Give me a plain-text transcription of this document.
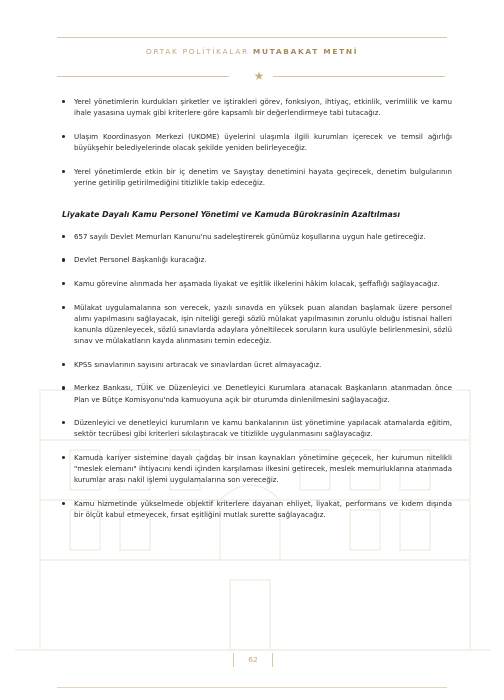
ORTAK POLİTİKALAR MUTABAKAT METNİ
Yerel yönetimlerin kurdukları şirketler ve iştirakleri görev, fonksiyon, ihtiyaç, etkinlik, verimlilik ve kamu ihale yasasına uymak gibi kriterlere göre kapsamlı bir değerlendirmeye tabi tutacağız.
Ulaşım Koordinasyon Merkezi (UKOME) üyelerini ulaşımla ilgili kurumları içerecek ve temsil ağırlığı büyükşehir belediyelerinde olacak şekilde yeniden belirleyeceğiz.
Yerel yönetimlerde etkin bir iç denetim ve Sayıştay denetimini hayata geçirecek, denetim bulgularının yerine getirilip getirilmediğini titizlikle takip edeceğiz.
Liyakate Dayalı Kamu Personel Yönetimi ve Kamuda Bürokrasinin Azaltılması
657 sayılı Devlet Memurları Kanunu'nu sadeleştirerek günümüz koşullarına uygun hale getireceğiz.
Devlet Personel Başkanlığı kuracağız.
Kamu görevine alınmada her aşamada liyakat ve eşitlik ilkelerini hâkim kılacak, şeffaflığı sağlayacağız.
Mülakat uygulamalarına son verecek, yazılı sınavda en yüksek puan alandan başlamak üzere personel alımı yapılmasını sağlayacak, işin niteliği gereği sözlü mülakat yapılmasının zorunlu olduğu istisnai halleri kanunla düzenleyecek, sözlü sınavlarda adaylara yöneltilecek soruların kura usulüyle belirlenmesini, sözlü sınav ve mülakatların kayda alınmasını temin edeceğiz.
KPSS sınavlarının sayısını artıracak ve sınavlardan ücret almayacağız.
Merkez Bankası, TÜİK ve Düzenleyici ve Denetleyici Kurumlara atanacak Başkanların atanmadan önce Plan ve Bütçe Komisyonu'nda kamuoyuna açık bir oturumda dinlenilmesini sağlayacağız.
Düzenleyici ve denetleyici kurumların ve kamu bankalarının üst yönetimine yapılacak atamalarda eğitim, sektör tecrübesi gibi kriterleri sıkılaştıracak ve titizlikle uygulanmasını sağlayacağız.
Kamuda kariyer sistemine dayalı çağdaş bir insan kaynakları yönetimine geçecek, her kurumun nitelikli "meslek elemanı" ihtiyacını kendi içinden karşılaması ilkesini getirecek, meslek memurluklarına atanmada kurumlar arası nakil işlemi uygulamalarına son vereceğiz.
Kamu hizmetinde yükselmede objektif kriterlere dayanan ehliyet, liyakat, performans ve kıdem dışında bir ölçüt kabul etmeyecek, fırsat eşitliğini mutlak surette sağlayacağız.
62
